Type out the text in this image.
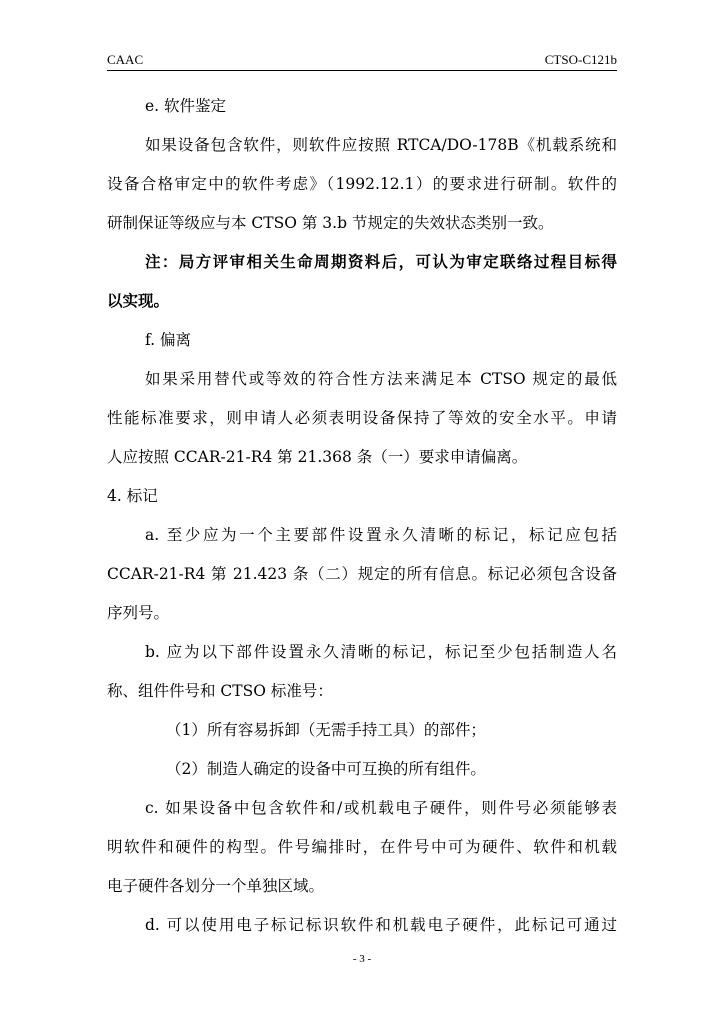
CAAC	CTSO-C121b
e. 软件鉴定
如果设备包含软件，则软件应按照 RTCA/DO-178B《机载系统和
设备合格审定中的软件考虑》（1992.12.1）的要求进行研制。软件的
研制保证等级应与本 CTSO 第 3.b 节规定的失效状态类别一致。
注：局方评审相关生命周期资料后，可认为审定联络过程目标得
以实现。
f. 偏离
如果采用替代或等效的符合性方法来满足本 CTSO 规定的最低
性能标准要求，则申请人必须表明设备保持了等效的安全水平。申请
人应按照 CCAR-21-R4 第 21.368 条（一）要求申请偏离。
4. 标记
a. 至少应为一个主要部件设置永久清晰的标记，标记应包括
CCAR-21-R4 第 21.423 条（二）规定的所有信息。标记必须包含设备
序列号。
b. 应为以下部件设置永久清晰的标记，标记至少包括制造人名
称、组件件号和 CTSO 标准号：
（1）所有容易拆卸（无需手持工具）的部件；
（2）制造人确定的设备中可互换的所有组件。
c. 如果设备中包含软件和/或机载电子硬件，则件号必须能够表
明软件和硬件的构型。件号编排时，在件号中可为硬件、软件和机载
电子硬件各划分一个单独区域。
d. 可以使用电子标记标识软件和机载电子硬件，此标记可通过
- 3 -
